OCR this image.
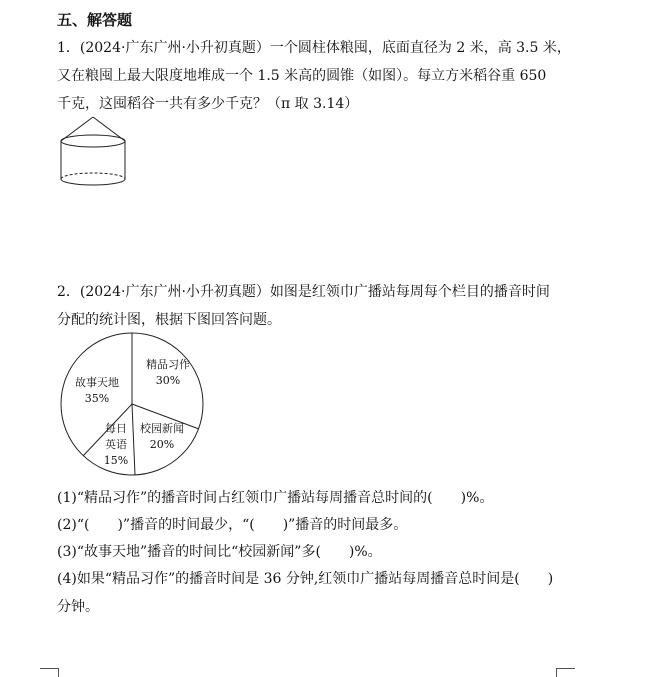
五、解答题
1．(2024·广东广州·小升初真题）一个圆柱体粮囤，底面直径为 2 米，高 3.5 米，
又在粮囤上最大限度地堆成一个 1.5 米高的圆锥（如图）。每立方米稻谷重 650
千克，这囤稻谷一共有多少千克？（π 取 3.14）
2．(2024·广东广州·小升初真题）如图是红领巾广播站每周每个栏目的播音时间
分配的统计图，根据下图回答问题。
精品习作
30%
校园新闻
20%
每日
英语
15%
故事天地
35%
(1)“精品习作”的播音时间占红领巾广播站每周播音总时间的(　　)%。
(2)“(　　)”播音的时间最少，“(　　)”播音的时间最多。
(3)“故事天地”播音的时间比“校园新闻”多(　　)%。
(4)如果“精品习作”的播音时间是 36 分钟,红领巾广播站每周播音总时间是(　　)
分钟。
